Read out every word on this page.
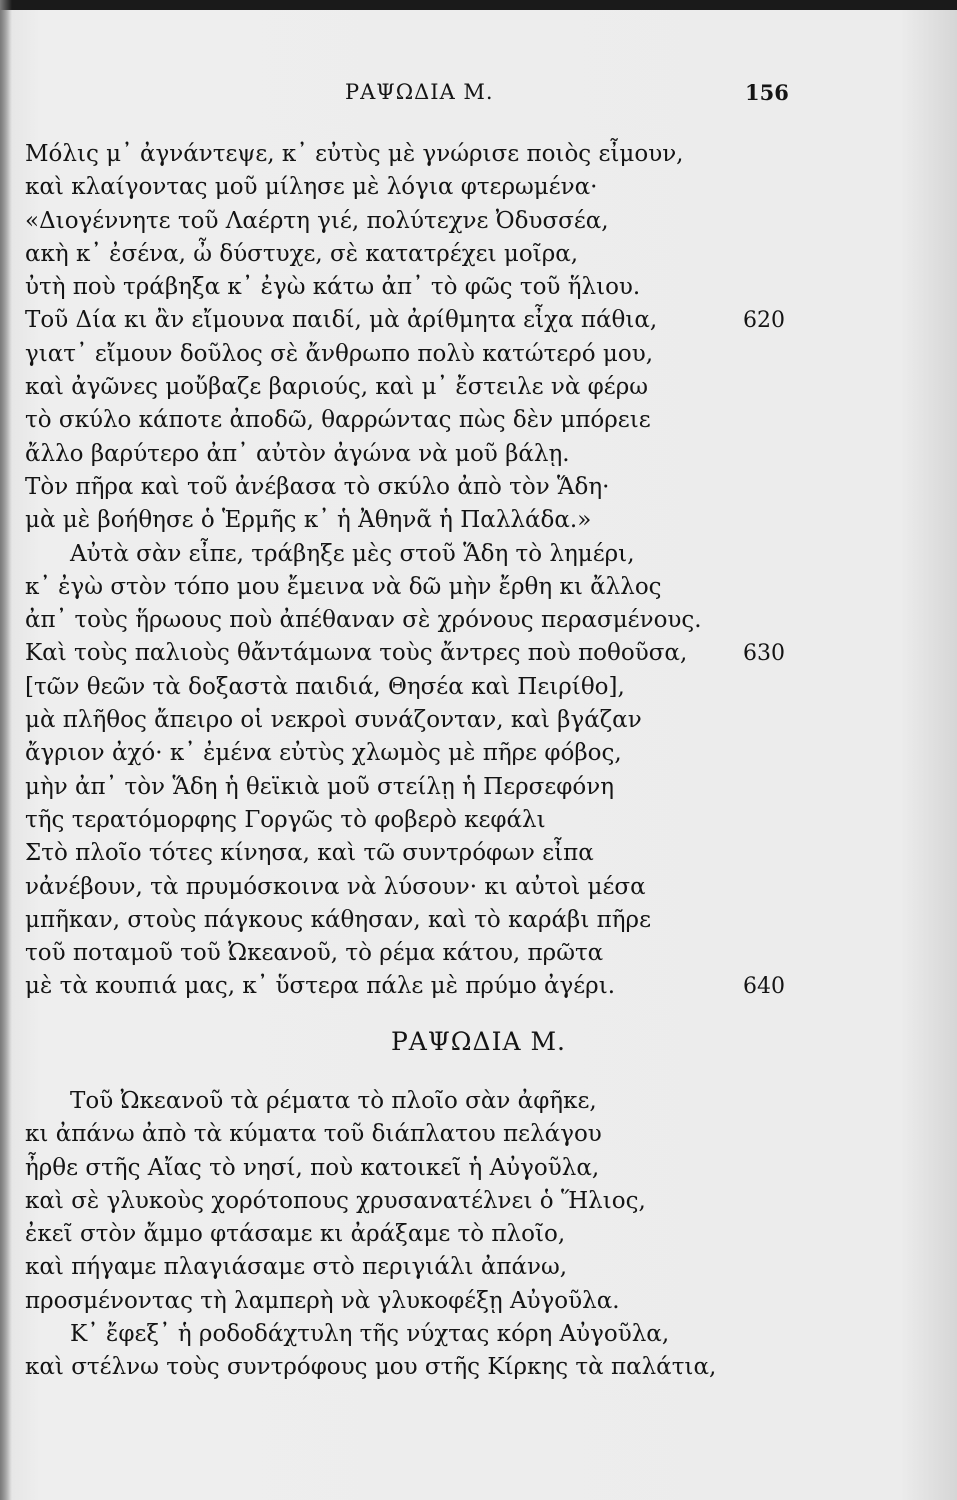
ΡΑΨΩΔΙΑ Μ.	156
Μόλις μ᾽ ἀγνάντεψε, κ᾽ εὐτὺς μὲ γνώρισε ποιὸς εἶμουν,
καὶ κλαίγοντας μοῦ μίλησε μὲ λόγια φτερωμένα·
«Διογέννητε τοῦ Λαέρτη γιέ, πολύτεχνε Ὀδυσσέα,
ακὴ κ᾽ ἐσένα, ὦ δύστυχε, σὲ κατατρέχει μοῖρα,
ὐτὴ ποὺ τράβηξα κ᾽ ἐγὼ κάτω ἀπ᾽ τὸ φῶς τοῦ ἥλιου.
Τοῦ Δία κι ἂν εἴμουνα παιδί, μὰ ἀρίθμητα εἶχα πάθια,	620
γιατ᾽ εἴμουν δοῦλος σὲ ἄνθρωπο πολὺ κατώτερό μου,
καὶ ἀγῶνες μοὔβαζε βαριούς, καὶ μ᾽ ἔστειλε νὰ φέρω
τὸ σκύλο κάποτε ἀποδῶ, θαρρώντας πὼς δὲν μπόρειε
ἄλλο βαρύτερο ἀπ᾽ αὐτὸν ἀγώνα νὰ μοῦ βάλῃ.
Τὸν πῆρα καὶ τοῦ ἀνέβασα τὸ σκύλο ἀπὸ τὸν Ἅδη·
μὰ μὲ βοήθησε ὁ Ἑρμῆς κ᾽ ἡ Ἀθηνᾶ ἡ Παλλάδα.»
Αὐτὰ σὰν εἶπε, τράβηξε μὲς στοῦ Ἅδη τὸ λημέρι,
κ᾽ ἐγὼ στὸν τόπο μου ἔμεινα νὰ δῶ μὴν ἔρθη κι ἄλλος
ἀπ᾽ τοὺς ἥρωους ποὺ ἀπέθαναν σὲ χρόνους περασμένους.
Καὶ τοὺς παλιοὺς θἄντάμωνα τοὺς ἄντρες ποὺ ποθοῦσα,	630
[τῶν θεῶν τὰ δοξαστὰ παιδιά, Θησέα καὶ Πειρίθο],
μὰ πλῆθος ἄπειρο οἱ νεκροὶ συνάζονταν, καὶ βγάζαν
ἄγριον ἀχό· κ᾽ ἐμένα εὐτὺς χλωμὸς μὲ πῆρε φόβος,
μὴν ἀπ᾽ τὸν Ἅδη ἡ θεϊκιὰ μοῦ στείλῃ ἡ Περσεφόνη
τῆς τερατόμορφης Γοργῶς τὸ φοβερὸ κεφάλι
Στὸ πλοῖο τότες κίνησα, καὶ τῶ συντρόφων εἶπα
νἀνέβουν, τὰ πρυμόσκοινα νὰ λύσουν· κι αὐτοὶ μέσα
μπῆκαν, στοὺς πάγκους κάθησαν, καὶ τὸ καράβι πῆρε
τοῦ ποταμοῦ τοῦ Ὠκεανοῦ, τὸ ρέμα κάτου, πρῶτα
μὲ τὰ κουπιά μας, κ᾽ ὕστερα πάλε μὲ πρύμο ἀγέρι.	640
ΡΑΨΩΔΙΑ Μ.
Τοῦ Ὠκεανοῦ τὰ ρέματα τὸ πλοῖο σὰν ἀφῆκε,
κι ἀπάνω ἀπὸ τὰ κύματα τοῦ διάπλατου πελάγου
ἦρθε στῆς Αἴας τὸ νησί, ποὺ κατοικεῖ ἡ Αὐγοῦλα,
καὶ σὲ γλυκοὺς χορότοπους χρυσανατέλνει ὁ Ἥλιος,
ἐκεῖ στὸν ἄμμο φτάσαμε κι ἀράξαμε τὸ πλοῖο,
καὶ πήγαμε πλαγιάσαμε στὸ περιγιάλι ἀπάνω,
προσμένοντας τὴ λαμπερὴ νὰ γλυκοφέξῃ Αὐγοῦλα.
Κ᾽ ἔφεξ᾽ ἡ ροδοδάχτυλη τῆς νύχτας κόρη Αὐγοῦλα,
καὶ στέλνω τοὺς συντρόφους μου στῆς Κίρκης τὰ παλάτια,
